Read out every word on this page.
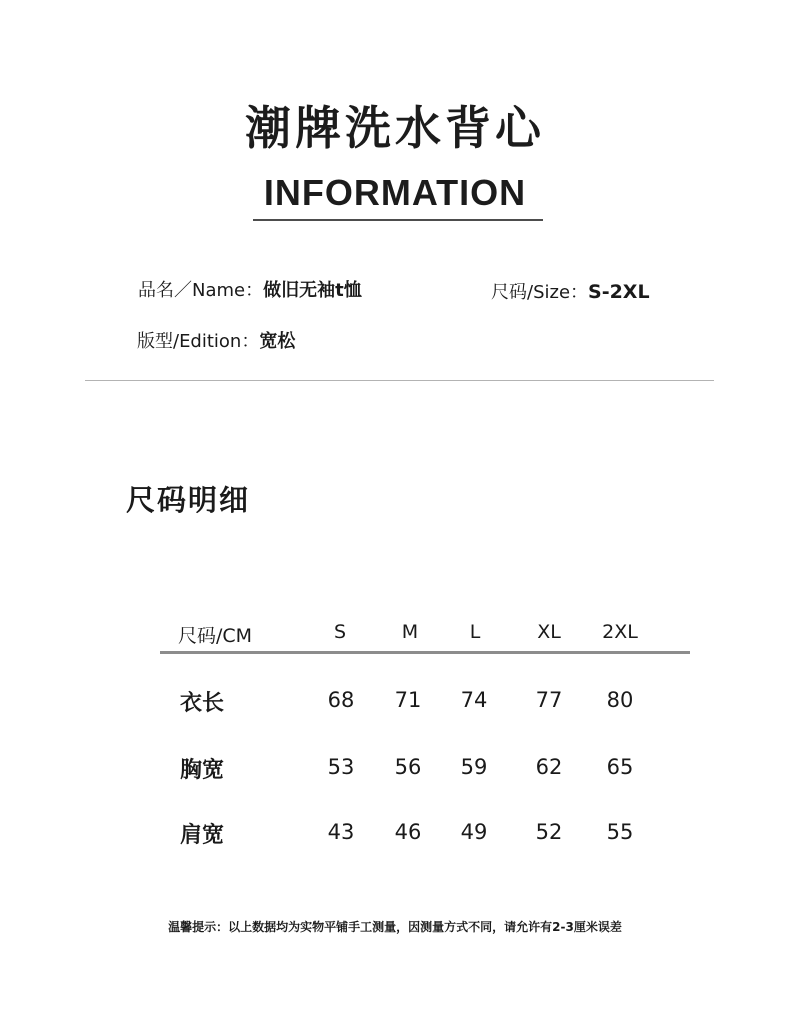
潮牌洗水背心
INFORMATION
品名／Name：做旧无袖t恤	尺码/Size：S-2XL
版型/Edition：宽松
尺码明细
尺码/CM	S	M	L	XL 2XL
衣长	68 71 74 77 80
胸宽	53 56 59 62 65
肩宽	43 46 49 52 55
温馨提示：以上数据均为实物平铺手工测量，因测量方式不同，请允许有2-3厘米误差
